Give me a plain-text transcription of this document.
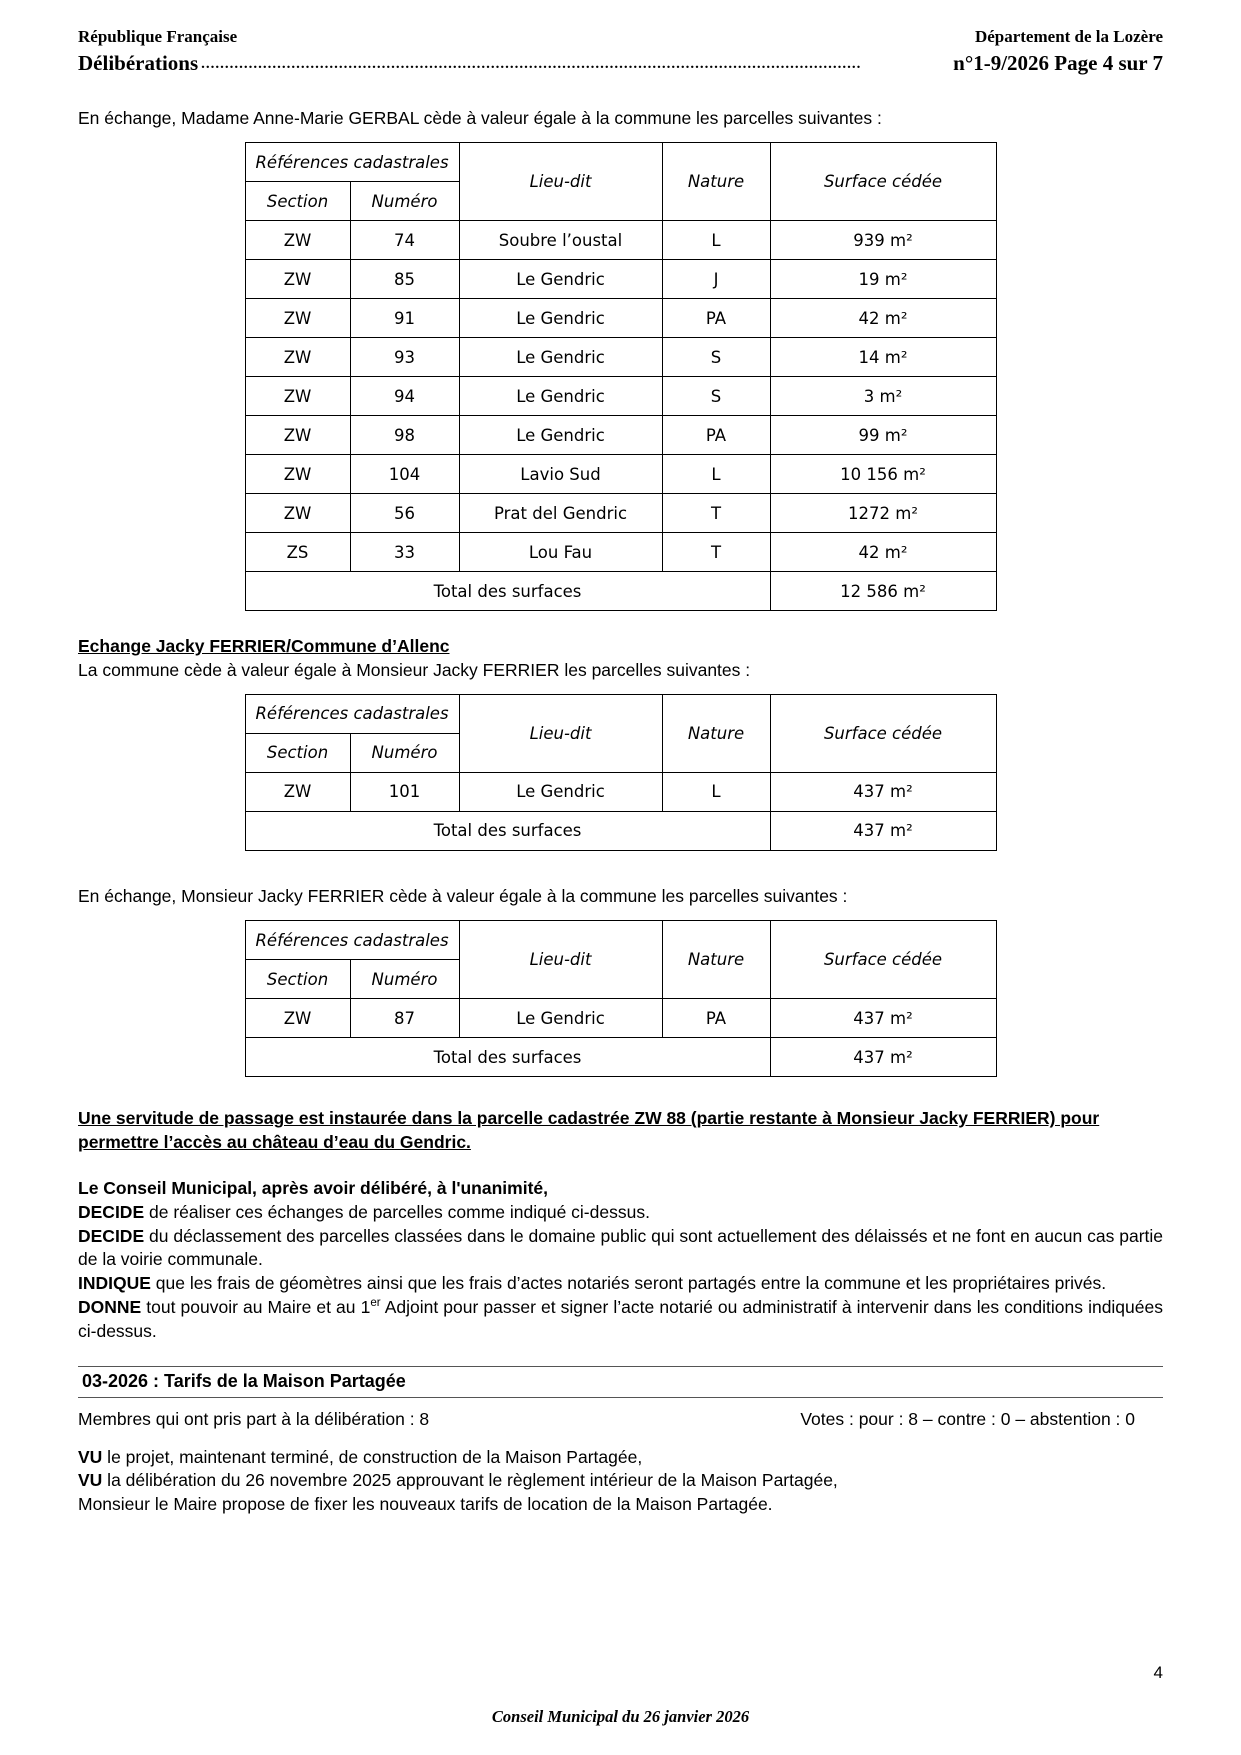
République Française	Département de la Lozère
Délibérations ...........................................................................................................................................	n°1-9/2026 Page 4 sur 7

En échange, Madame Anne-Marie GERBAL cède à valeur égale à la commune les parcelles suivantes :

Références cadastrales		Lieu-dit	Nature	Surface cédée
Section	Numéro			
ZW	74	Soubre l’oustal	L	939 m²
ZW	85	Le Gendric	J	19 m²
ZW	91	Le Gendric	PA	42 m²
ZW	93	Le Gendric	S	14 m²
ZW	94	Le Gendric	S	3 m²
ZW	98	Le Gendric	PA	99 m²
ZW	104	Lavio Sud	L	10 156 m²
ZW	56	Prat del Gendric	T	1272 m²
ZS	33	Lou Fau	T	42 m²
Total des surfaces				12 586 m²

Echange Jacky FERRIER/Commune d’Allenc

La commune cède à valeur égale à Monsieur Jacky FERRIER les parcelles suivantes :

Références cadastrales		Lieu-dit	Nature	Surface cédée
Section	Numéro			
ZW	101	Le Gendric	L	437 m²
Total des surfaces				437 m²

En échange, Monsieur Jacky FERRIER cède à valeur égale à la commune les parcelles suivantes :

Références cadastrales		Lieu-dit	Nature	Surface cédée
Section	Numéro			
ZW	87	Le Gendric	PA	437 m²
Total des surfaces				437 m²

Une servitude de passage est instaurée dans la parcelle cadastrée ZW 88 (partie restante à Monsieur Jacky FERRIER) pour permettre l’accès au château d’eau du Gendric.

Le Conseil Municipal, après avoir délibéré, à l'unanimité,

DECIDE de réaliser ces échanges de parcelles comme indiqué ci-dessus.
DECIDE du déclassement des parcelles classées dans le domaine public qui sont actuellement des délaissés et ne font en aucun cas partie de la voirie communale.
INDIQUE que les frais de géomètres ainsi que les frais d’actes notariés seront partagés entre la commune et les propriétaires privés.
DONNE tout pouvoir au Maire et au 1er Adjoint pour passer et signer l’acte notarié ou administratif à intervenir dans les conditions indiquées ci-dessus.
03-2026 : Tarifs de la Maison Partagée
Membres qui ont pris part à la délibération : 8	Votes : pour : 8 – contre : 0 – abstention : 0
VU le projet, maintenant terminé, de construction de la Maison Partagée,
VU la délibération du 26 novembre 2025 approuvant le règlement intérieur de la Maison Partagée,
Monsieur le Maire propose de fixer les nouveaux tarifs de location de la Maison Partagée.
4
Conseil Municipal du 26 janvier 2026
